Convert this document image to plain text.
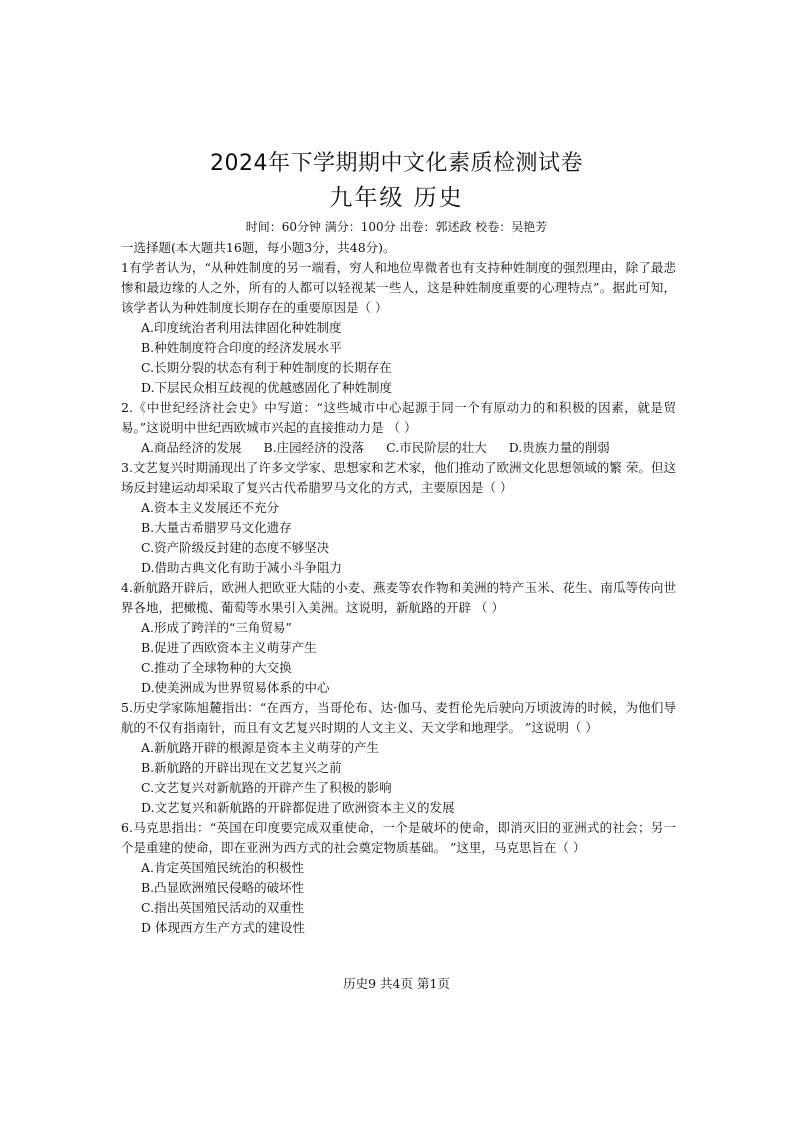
2024年下学期期中文化素质检测试卷
九年级 历史
时间：60分钟 满分：100分 出卷：郭述政 校卷：吴艳芳
一选择题(本大题共16题，每小题3分，共48分)。

1有学者认为，“从种姓制度的另一端看，穷人和地位卑微者也有支持种姓制度的强烈理由，除了最悲惨和最边缘的人之外，所有的人都可以轻视某一些人，这是种姓制度重要的心理特点”。据此可知，该学者认为种姓制度长期存在的重要原因是（ ）

A.印度统治者利用法律固化种姓制度

B.种姓制度符合印度的经济发展水平

C.长期分裂的状态有利于种姓制度的长期存在

D.下层民众相互歧视的优越感固化了种姓制度

2.《中世纪经济社会史》中写道：“这些城市中心起源于同一个有原动力的和积极的因素，就是贸易。”这说明中世纪西欧城市兴起的直接推动力是 （ ）

A.商品经济的发展 B.庄园经济的没落 C.市民阶层的壮大 D.贵族力量的削弱

3.文艺复兴时期涌现出了许多文学家、思想家和艺术家，他们推动了欧洲文化思想领域的繁 荣。但这场反封建运动却采取了复兴古代希腊罗马文化的方式，主要原因是（ ）

A.资本主义发展还不充分

B.大量古希腊罗马文化遗存

C.资产阶级反封建的态度不够坚决

D.借助古典文化有助于减小斗争阻力

4.新航路开辟后，欧洲人把欧亚大陆的小麦、燕麦等农作物和美洲的特产玉米、花生、南瓜等传向世界各地，把橄榄、葡萄等水果引入美洲。这说明，新航路的开辟 （ ）

A.形成了跨洋的“三角贸易”

B.促进了西欧资本主义萌芽产生

C.推动了全球物种的大交换

D.使美洲成为世界贸易体系的中心

5.历史学家陈旭麓指出：“在西方，当哥伦布、达·伽马、麦哲伦先后驶向万顷波涛的时候，为他们导航的不仅有指南针，而且有文艺复兴时期的人文主义、天文学和地理学。 ”这说明（ ）

A.新航路开辟的根源是资本主义萌芽的产生

B.新航路的开辟出现在文艺复兴之前

C.文艺复兴对新航路的开辟产生了积极的影响

D.文艺复兴和新航路的开辟都促进了欧洲资本主义的发展

6.马克思指出：“英国在印度要完成双重使命，一个是破坏的使命，即消灭旧的亚洲式的社会；另一个是重建的使命，即在亚洲为西方式的社会奠定物质基础。 ”这里，马克思旨在（ ）

A.肯定英国殖民统治的积极性

B.凸显欧洲殖民侵略的破坏性

C.指出英国殖民活动的双重性

D 体现西方生产方式的建设性

历史9 共4页 第1页
